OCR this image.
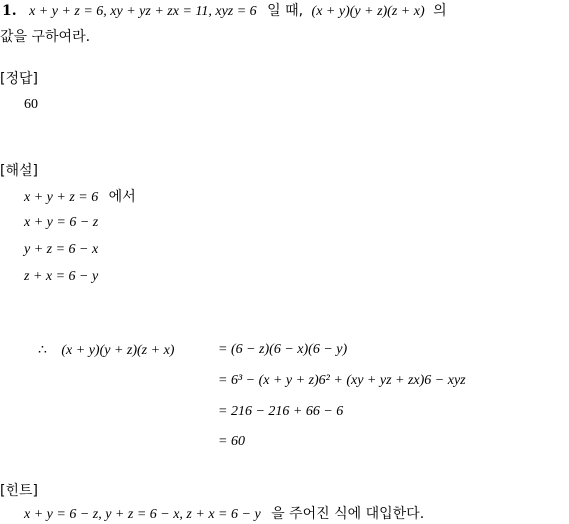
1. x + y + z = 6, xy + yz + zx = 11, xyz = 6 일 때, (x + y)(y + z)(z + x) 의
값을 구하여라.
[정답]
60
[해설]
x + y + z = 6 에서
x + y = 6 − z
y + z = 6 − x
z + x = 6 − y
∴ (x + y)(y + z)(z + x)	= (6 − z)(6 − x)(6 − y)
= 6³ − (x + y + z)6² + (xy + yz + zx)6 − xyz
= 216 − 216 + 66 − 6
= 60
[힌트]
x + y = 6 − z, y + z = 6 − x, z + x = 6 − y 을 주어진 식에 대입한다.
